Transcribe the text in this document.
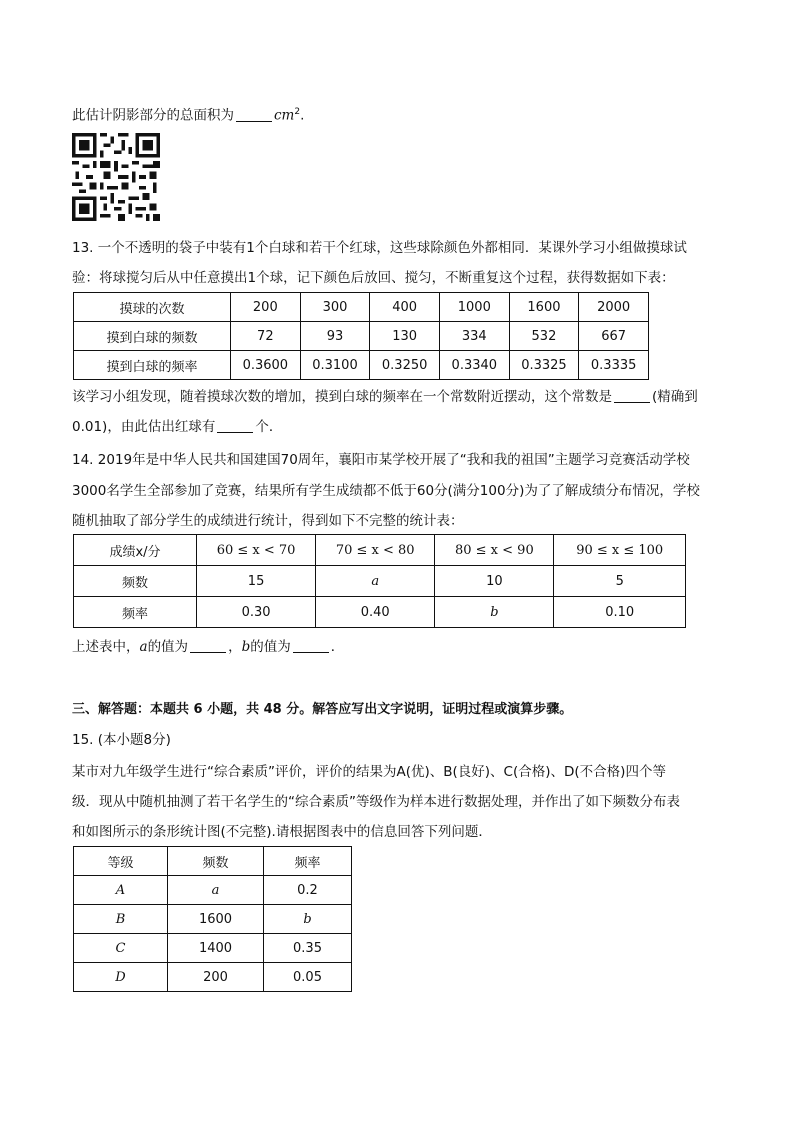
此估计阴影部分的总面积为	$cm^2$.
13. 一个不透明的袋子中装有1个白球和若干个红球，这些球除颜色外都相同．某课外学习小组做摸球试
验：将球搅匀后从中任意摸出1个球，记下颜色后放回、搅匀，不断重复这个过程，获得数据如下表：
摸球的次数	200	300	400	1000	1600	2000
摸到白球的频数	72	93	130	334	532	667
摸到白球的频率	0.3600	0.3100	0.3250	0.3340	0.3325	0.3335
该学习小组发现，随着摸球次数的增加，摸到白球的频率在一个常数附近摆动，这个常数是	(精确到
0.01)，由此估出红球有	个．
14. 2019年是中华人民共和国建国70周年，襄阳市某学校开展了“我和我的祖国”主题学习竞赛活动学校
3000名学生全部参加了竞赛，结果所有学生成绩都不低于60分(满分100分)为了了解成绩分布情况，学校
随机抽取了部分学生的成绩进行统计，得到如下不完整的统计表：
成绩x/分	60 ≤ x < 70	70 ≤ x < 80	80 ≤ x < 90	90 ≤ x ≤ 100
频数	15	a	10	5
频率	0.30	0.40	b	0.10
上述表中，a的值为	，b的值为	．
三、解答题：本题共 6 小题，共 48 分。解答应写出文字说明，证明过程或演算步骤。
15. (本小题8分)
某市对九年级学生进行“综合素质”评价，评价的结果为A(优)、B(良好)、C(合格)、D(不合格)四个等
级．现从中随机抽测了若干名学生的“综合素质”等级作为样本进行数据处理，并作出了如下频数分布表
和如图所示的条形统计图(不完整).请根据图表中的信息回答下列问题．
等级	频数	频率
A	a	0.2
B	1600	b
C	1400	0.35
D	200	0.05
